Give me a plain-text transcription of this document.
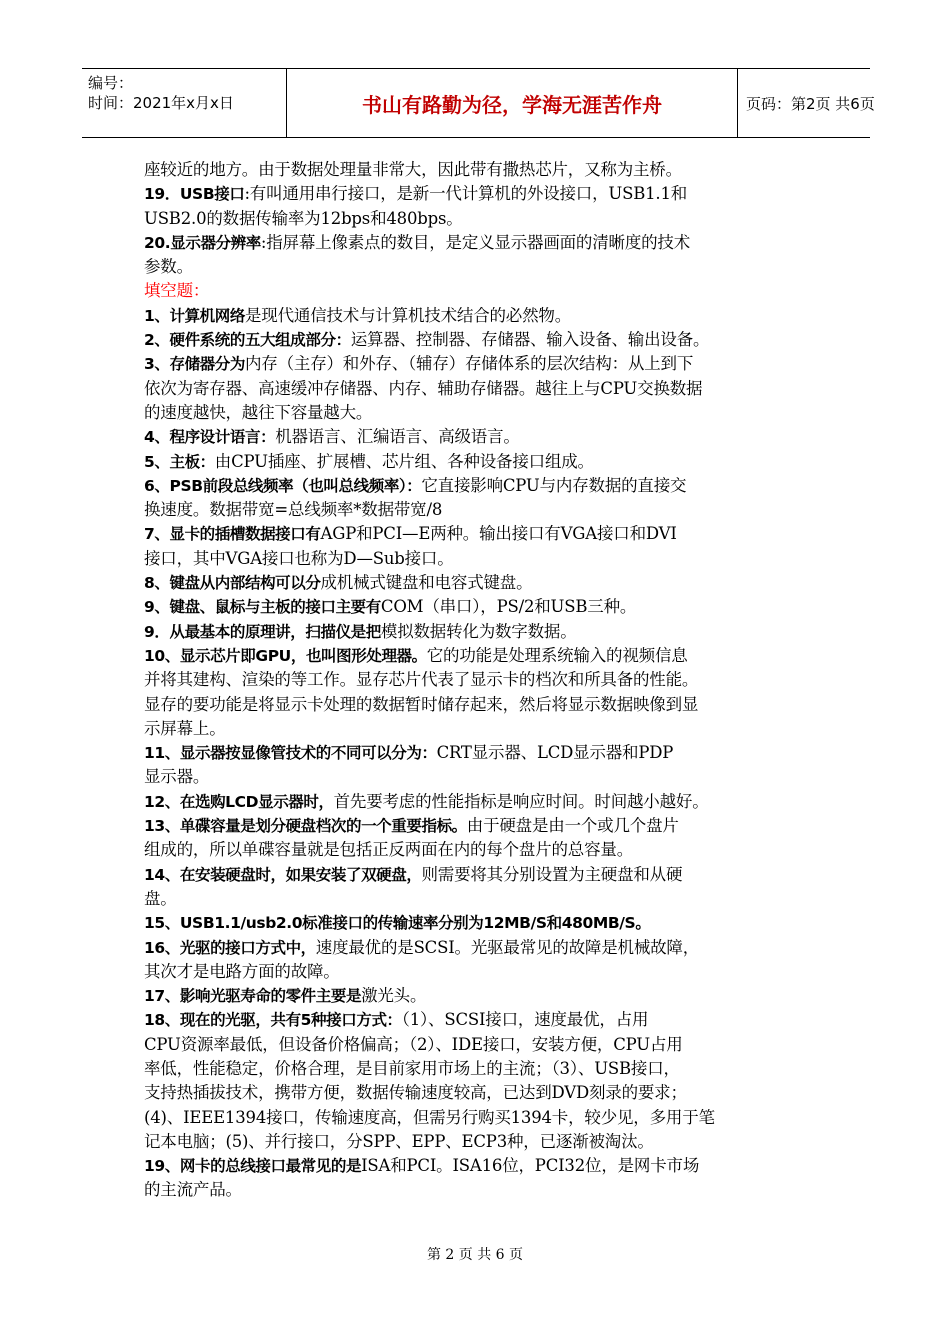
编号：
时间：2021年x月x日	书山有路勤为径，学海无涯苦作舟	页码：第2页 共6页
座较近的地方。由于数据处理量非常大，因此带有撒热芯片，又称为主桥。
19．USB接口:有叫通用串行接口，是新一代计算机的外设接口，USB1.1和
USB2.0的数据传输率为12bps和480bps。
20.显示器分辨率:指屏幕上像素点的数目，是定义显示器画面的清晰度的技术
参数。
填空题：
1、计算机网络是现代通信技术与计算机技术结合的必然物。
2、硬件系统的五大组成部分：运算器、控制器、存储器、输入设备、输出设备。
3、存储器分为内存（主存）和外存、（辅存）存储体系的层次结构：从上到下
依次为寄存器、高速缓冲存储器、内存、辅助存储器。越往上与CPU交换数据
的速度越快，越往下容量越大。
4、程序设计语言：机器语言、汇编语言、高级语言。
5、主板：由CPU插座、扩展槽、芯片组、各种设备接口组成。
6、PSB前段总线频率（也叫总线频率）：它直接影响CPU与内存数据的直接交
换速度。数据带宽=总线频率*数据带宽/8
7、显卡的插槽数据接口有AGP和PCI—E两种。输出接口有VGA接口和DVI
接口，其中VGA接口也称为D—Sub接口。
8、键盘从内部结构可以分成机械式键盘和电容式键盘。
9、键盘、鼠标与主板的接口主要有COM（串口），PS/2和USB三种。
9．从最基本的原理讲，扫描仪是把模拟数据转化为数字数据。
10、显示芯片即GPU，也叫图形处理器。它的功能是处理系统输入的视频信息
并将其建构、渲染的等工作。显存芯片代表了显示卡的档次和所具备的性能。
显存的要功能是将显示卡处理的数据暂时储存起来，然后将显示数据映像到显
示屏幕上。
11、显示器按显像管技术的不同可以分为：CRT显示器、LCD显示器和PDP
显示器。
12、在选购LCD显示器时，首先要考虑的性能指标是响应时间。时间越小越好。
13、单碟容量是划分硬盘档次的一个重要指标。由于硬盘是由一个或几个盘片
组成的，所以单碟容量就是包括正反两面在内的每个盘片的总容量。
14、在安装硬盘时，如果安装了双硬盘，则需要将其分别设置为主硬盘和从硬
盘。
15、USB1.1/usb2.0标准接口的传输速率分别为12MB/S和480MB/S。
16、光驱的接口方式中，速度最优的是SCSI。光驱最常见的故障是机械故障，
其次才是电路方面的故障。
17、影响光驱寿命的零件主要是激光头。
18、现在的光驱，共有5种接口方式：（1）、SCSI接口，速度最优，占用
CPU资源率最低，但设备价格偏高；（2）、IDE接口，安装方便，CPU占用
率低，性能稳定，价格合理，是目前家用市场上的主流；（3）、USB接口，
支持热插拔技术，携带方便，数据传输速度较高，已达到DVD刻录的要求；
(4)、IEEE1394接口，传输速度高，但需另行购买1394卡，较少见，多用于笔
记本电脑；(5)、并行接口，分SPP、EPP、ECP3种，已逐渐被淘汰。
19、网卡的总线接口最常见的是ISA和PCI。ISA16位，PCI32位，是网卡市场
的主流产品。
第 2 页 共 6 页
